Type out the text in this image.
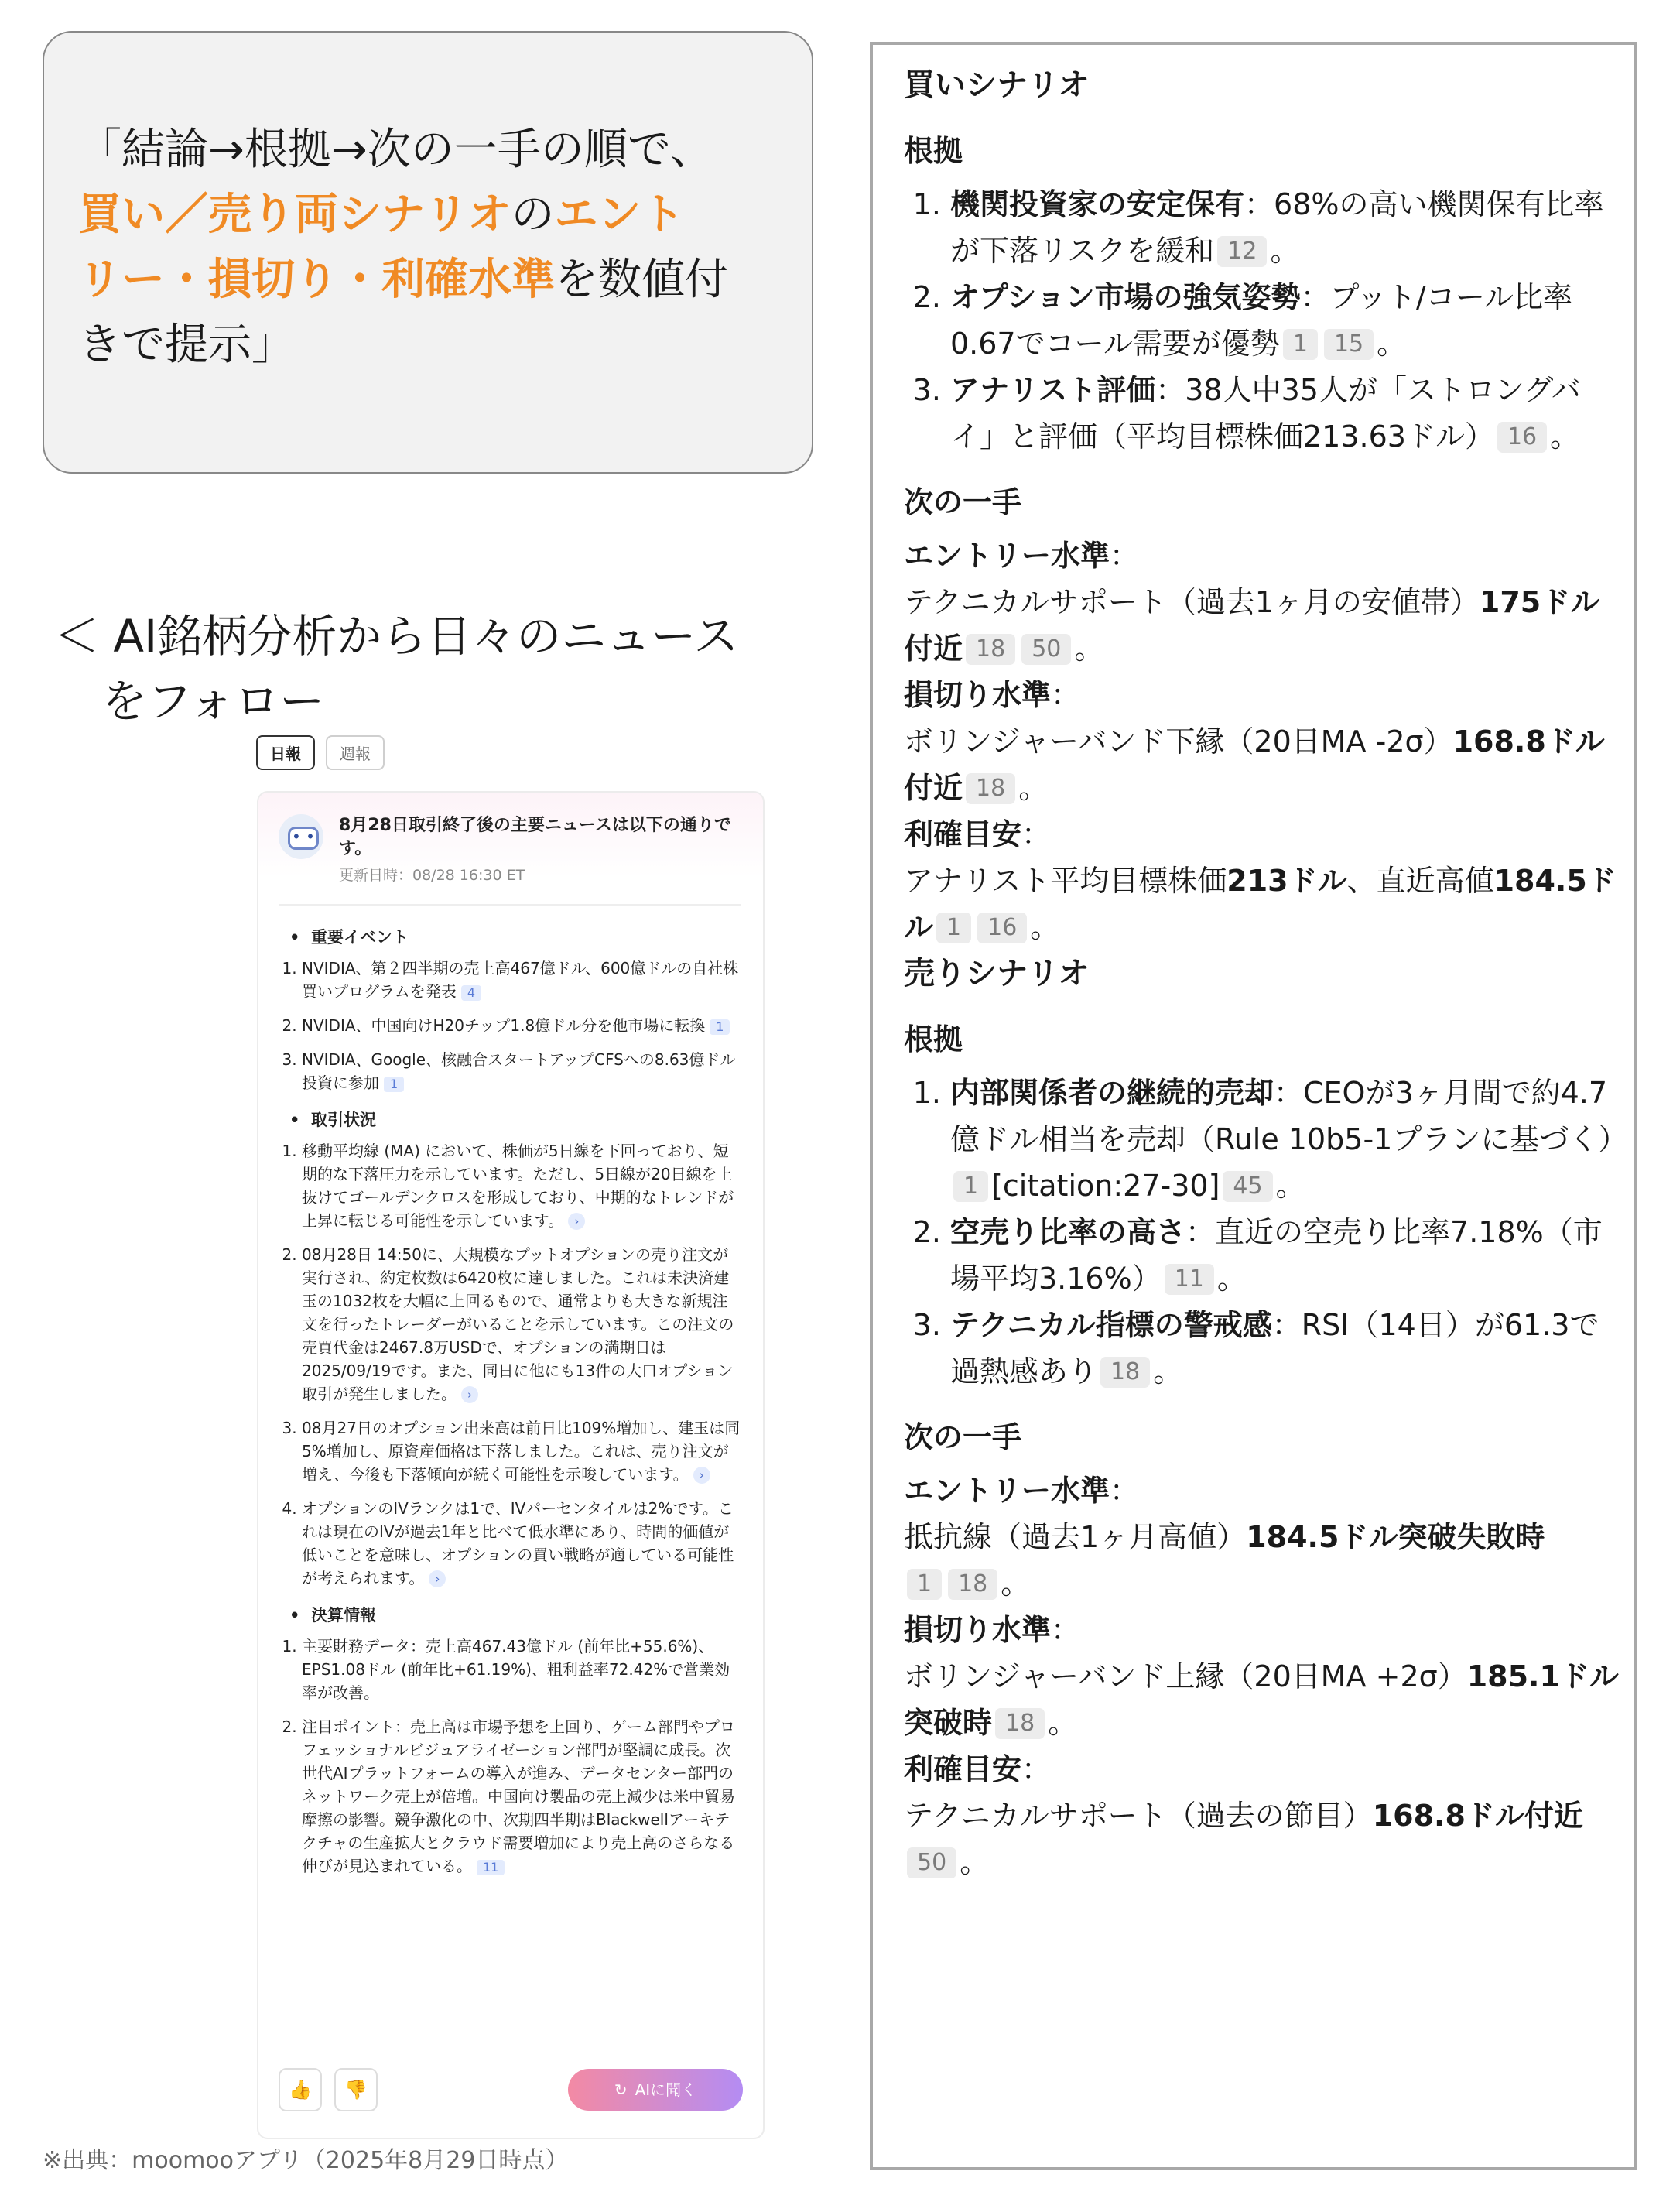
「結論→根拠→次の一手の順で、
買い／売り両シナリオのエント
リー・損切り・利確水準を数値付
きで提示」
＜ AI銘柄分析から日々のニュース
をフォロー
日報	週報
• •
8月28日取引終了後の主要ニュースは以下の通りです。
更新日時：08/28 16:30 ET
•  重要イベント
1. NVIDIA、第２四半期の売上高467億ドル、600億ドルの自社株買いプログラムを発表 4
2. NVIDIA、中国向けH20チップ1.8億ドル分を他市場に転換 1
3. NVIDIA、Google、核融合スタートアップCFSへの8.63億ドル投資に参加 1
•  取引状況
1. 移動平均線 (MA) において、株価が5日線を下回っており、短期的な下落圧力を示しています。ただし、5日線が20日線を上抜けてゴールデンクロスを形成しており、中期的なトレンドが上昇に転じる可能性を示しています。 ›
2. 08月28日 14:50に、大規模なプットオプションの売り注文が実行され、約定枚数は6420枚に達しました。これは未決済建玉の1032枚を大幅に上回るもので、通常よりも大きな新規注文を行ったトレーダーがいることを示しています。この注文の売買代金は2467.8万USDで、オプションの満期日は2025/09/19です。また、同日に他にも13件の大口オプション取引が発生しました。 ›
3. 08月27日のオプション出来高は前日比109%増加し、建玉は同5%増加し、原資産価格は下落しました。これは、売り注文が増え、今後も下落傾向が続く可能性を示唆しています。 ›
4. オプションのIVランクは1で、IVパーセンタイルは2%です。これは現在のIVが過去1年と比べて低水準にあり、時間的価値が低いことを意味し、オプションの買い戦略が適している可能性が考えられます。 ›
•  決算情報
1. 主要財務データ：売上高467.43億ドル (前年比+55.6%)、EPS1.08ドル (前年比+61.19%)、粗利益率72.42%で営業効率が改善。
2. 注目ポイント：売上高は市場予想を上回り、ゲーム部門やプロフェッショナルビジュアライゼーション部門が堅調に成長。次世代AIプラットフォームの導入が進み、データセンター部門のネットワーク売上が倍増。中国向け製品の売上減少は米中貿易摩擦の影響。競争激化の中、次期四半期はBlackwellアーキテクチャの生産拡大とクラウド需要増加により売上高のさらなる伸びが見込まれている。 11
👍	👎	↻ AIに聞く
※出典：moomooアプリ（2025年8月29日時点）
買いシナリオ
根拠
1. 機関投資家の安定保有：68%の高い機関保有比率が下落リスクを緩和 12 。
2. オプション市場の強気姿勢：プット/コール比率0.67でコール需要が優勢 1 15 。
3. アナリスト評価：38人中35人が「ストロングバイ」と評価（平均目標株価213.63ドル） 16 。
次の一手

エントリー水準：

テクニカルサポート（過去1ヶ月の安値帯）175ドル付近 18 50 。

損切り水準：

ボリンジャーバンド下縁（20日MA -2σ）168.8ドル付近 18 。

利確目安：

アナリスト平均目標株価213ドル、直近高値184.5ドル 1 16 。

売りシナリオ
根拠
1. 内部関係者の継続的売却：CEOが3ヶ月間で約4.7億ドル相当を売却（Rule 10b5-1プランに基づく）1 [citation:27-30] 45 。
2. 空売り比率の高さ：直近の空売り比率7.18%（市場平均3.16%） 11 。
3. テクニカル指標の警戒感：RSI（14日）が61.3で過熱感あり 18 。
次の一手

エントリー水準：

抵抗線（過去1ヶ月高値）184.5ドル突破失敗時
1 18 。

損切り水準：

ボリンジャーバンド上縁（20日MA +2σ）185.1ドル突破時 18 。

利確目安：

テクニカルサポート（過去の節目）168.8ドル付近50 。
